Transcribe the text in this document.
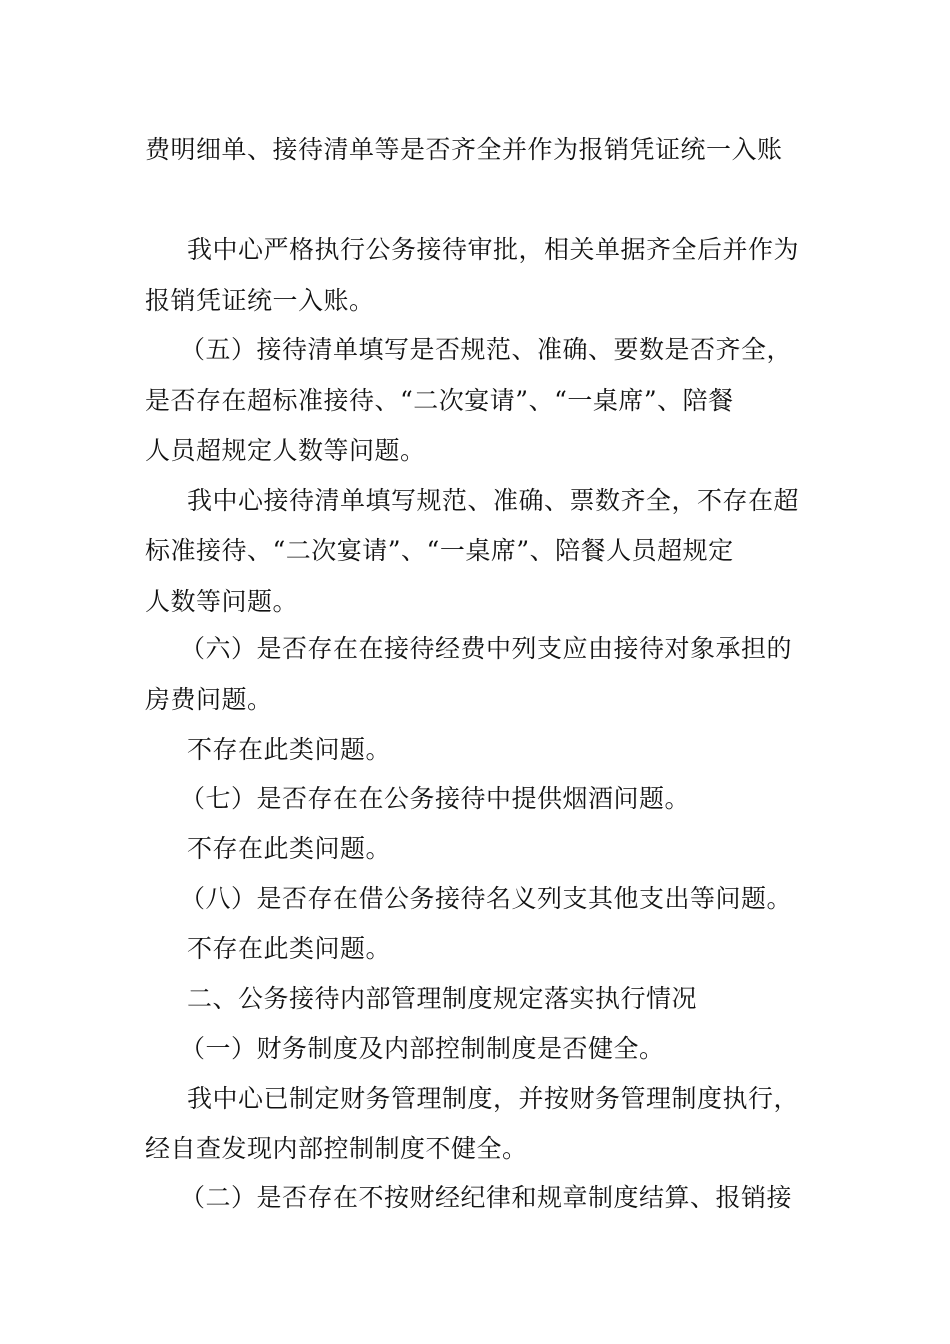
费明细单、接待清单等是否齐全并作为报销凭证统一入账
我中心严格执行公务接待审批，相关单据齐全后并作为
报销凭证统一入账。
（五）接待清单填写是否规范、准确、要数是否齐全，
是否存在超标准接待、“二次宴请”、“一桌席”、陪餐
人员超规定人数等问题。
我中心接待清单填写规范、准确、票数齐全，不存在超
标准接待、“二次宴请”、“一桌席”、陪餐人员超规定
人数等问题。
（六）是否存在在接待经费中列支应由接待对象承担的
房费问题。
不存在此类问题。
（七）是否存在在公务接待中提供烟酒问题。
不存在此类问题。
（八）是否存在借公务接待名义列支其他支出等问题。
不存在此类问题。
二、公务接待内部管理制度规定落实执行情况
（一）财务制度及内部控制制度是否健全。
我中心已制定财务管理制度，并按财务管理制度执行，
经自查发现内部控制制度不健全。
（二）是否存在不按财经纪律和规章制度结算、报销接
